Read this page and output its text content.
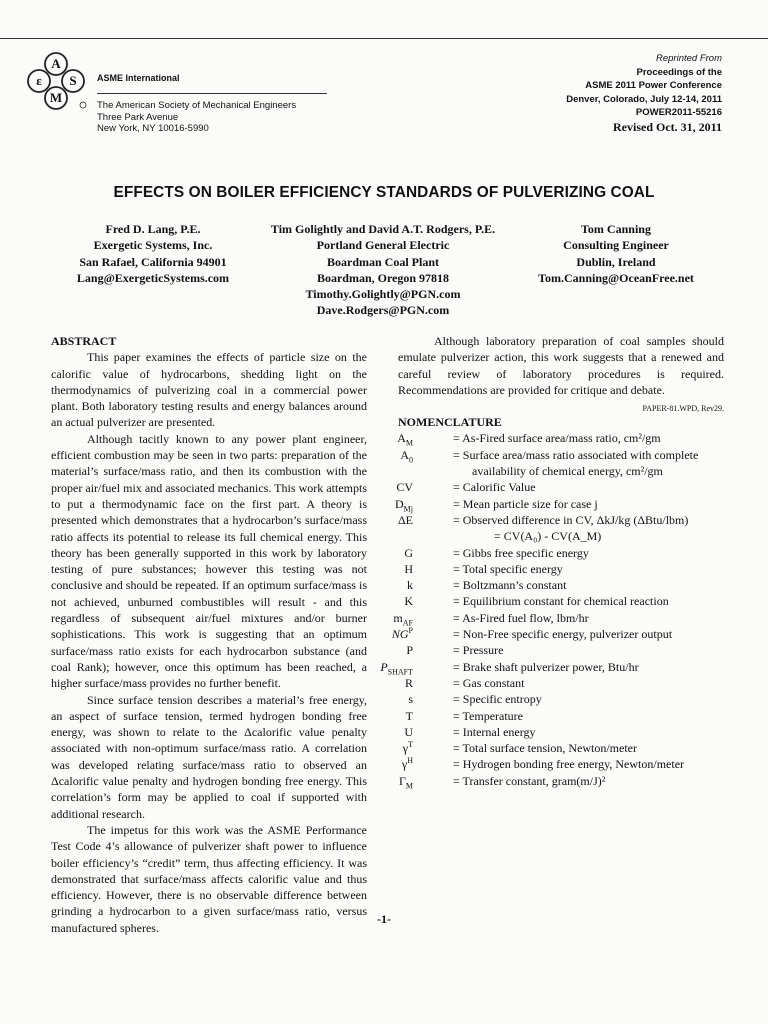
A
ε S
M
ASME International
The American Society of Mechanical Engineers
Three Park Avenue
New York, NY 10016-5990
Reprinted From
Proceedings of the
ASME 2011 Power Conference
Denver, Colorado, July 12-14, 2011
POWER2011-55216
Revised Oct. 31, 2011
EFFECTS ON BOILER EFFICIENCY STANDARDS OF PULVERIZING COAL
Fred D. Lang, P.E.
Exergetic Systems, Inc.
San Rafael, California 94901
Lang@ExergeticSystems.com
Tim Golightly and David A.T. Rodgers, P.E.
Portland General Electric
Boardman Coal Plant
Boardman, Oregon 97818
Timothy.Golightly@PGN.com
Dave.Rodgers@PGN.com
Tom Canning
Consulting Engineer
Dublin, Ireland
Tom.Canning@OceanFree.net
ABSTRACT

This paper examines the effects of particle size on the calorific value of hydrocarbons, shedding light on the thermodynamics of pulverizing coal in a commercial power plant. Both laboratory testing results and energy balances around an actual pulverizer are presented.

Although tacitly known to any power plant engineer, efficient combustion may be seen in two parts: preparation of the material’s surface/mass ratio, and then its combustion with the proper air/fuel mix and associated mechanics. This work attempts to put a thermodynamic face on the first part. A theory is presented which demonstrates that a hydrocarbon’s surface/mass ratio affects its potential to release its full chemical energy. This theory has been generally supported in this work by laboratory testing of pure substances; however this testing was not conclusive and should be repeated. If an optimum surface/mass is not achieved, unburned combustibles will result - and this regardless of subsequent air/fuel mixtures and/or burner sophistications. This work is suggesting that an optimum surface/mass ratio exists for each hydrocarbon substance (and coal Rank); however, once this optimum has been reached, a higher surface/mass provides no further benefit.

Since surface tension describes a material’s free energy, an aspect of surface tension, termed hydrogen bonding free energy, was shown to relate to the Δcalorific value penalty associated with non-optimum surface/mass ratio. A correlation was developed relating surface/mass ratio to observed an Δcalorific value penalty and hydrogen bonding free energy. This correlation’s form may be applied to coal if supported with additional research.

The impetus for this work was the ASME Performance Test Code 4’s allowance of pulverizer shaft power to influence boiler efficiency’s “credit” term, thus affecting efficiency. It was demonstrated that surface/mass affects calorific value and thus efficiency. However, there is no observable difference between grinding a hydrocarbon to a given surface/mass ratio, versus manufactured spheres.

Although laboratory preparation of coal samples should emulate pulverizer action, this work suggests that a renewed and careful review of laboratory procedures is required. Recommendations are provided for critique and debate.
PAPER-81.WPD, Rev29.

NOMENCLATURE
$A_M$	= As-Fired surface area/mass ratio, cm²/gm
$A_0$	= Surface area/mass ratio associated with complete
availability of chemical energy, cm²/gm
CV	= Calorific Value
$D_{Mj}$	= Mean particle size for case j
ΔE	= Observed difference in CV, ΔkJ/kg (ΔBtu/lbm)
= CV(A₀) - CV(A_M)
G	= Gibbs free specific energy
H	= Total specific energy
k	= Boltzmann’s constant
K	= Equilibrium constant for chemical reaction
$m_{AF}$	= As-Fired fuel flow, lbm/hr
$NG^P$	= Non-Free specific energy, pulverizer output
P	= Pressure
$P_{SHAFT}$	= Brake shaft pulverizer power, Btu/hr
R	= Gas constant
s	= Specific entropy
T	= Temperature
U	= Internal energy
$\gamma^T$	= Total surface tension, Newton/meter
$\gamma^H$	= Hydrogen bonding free energy, Newton/meter
$\Gamma_M$	= Transfer constant, gram(m/J)²
-1-
